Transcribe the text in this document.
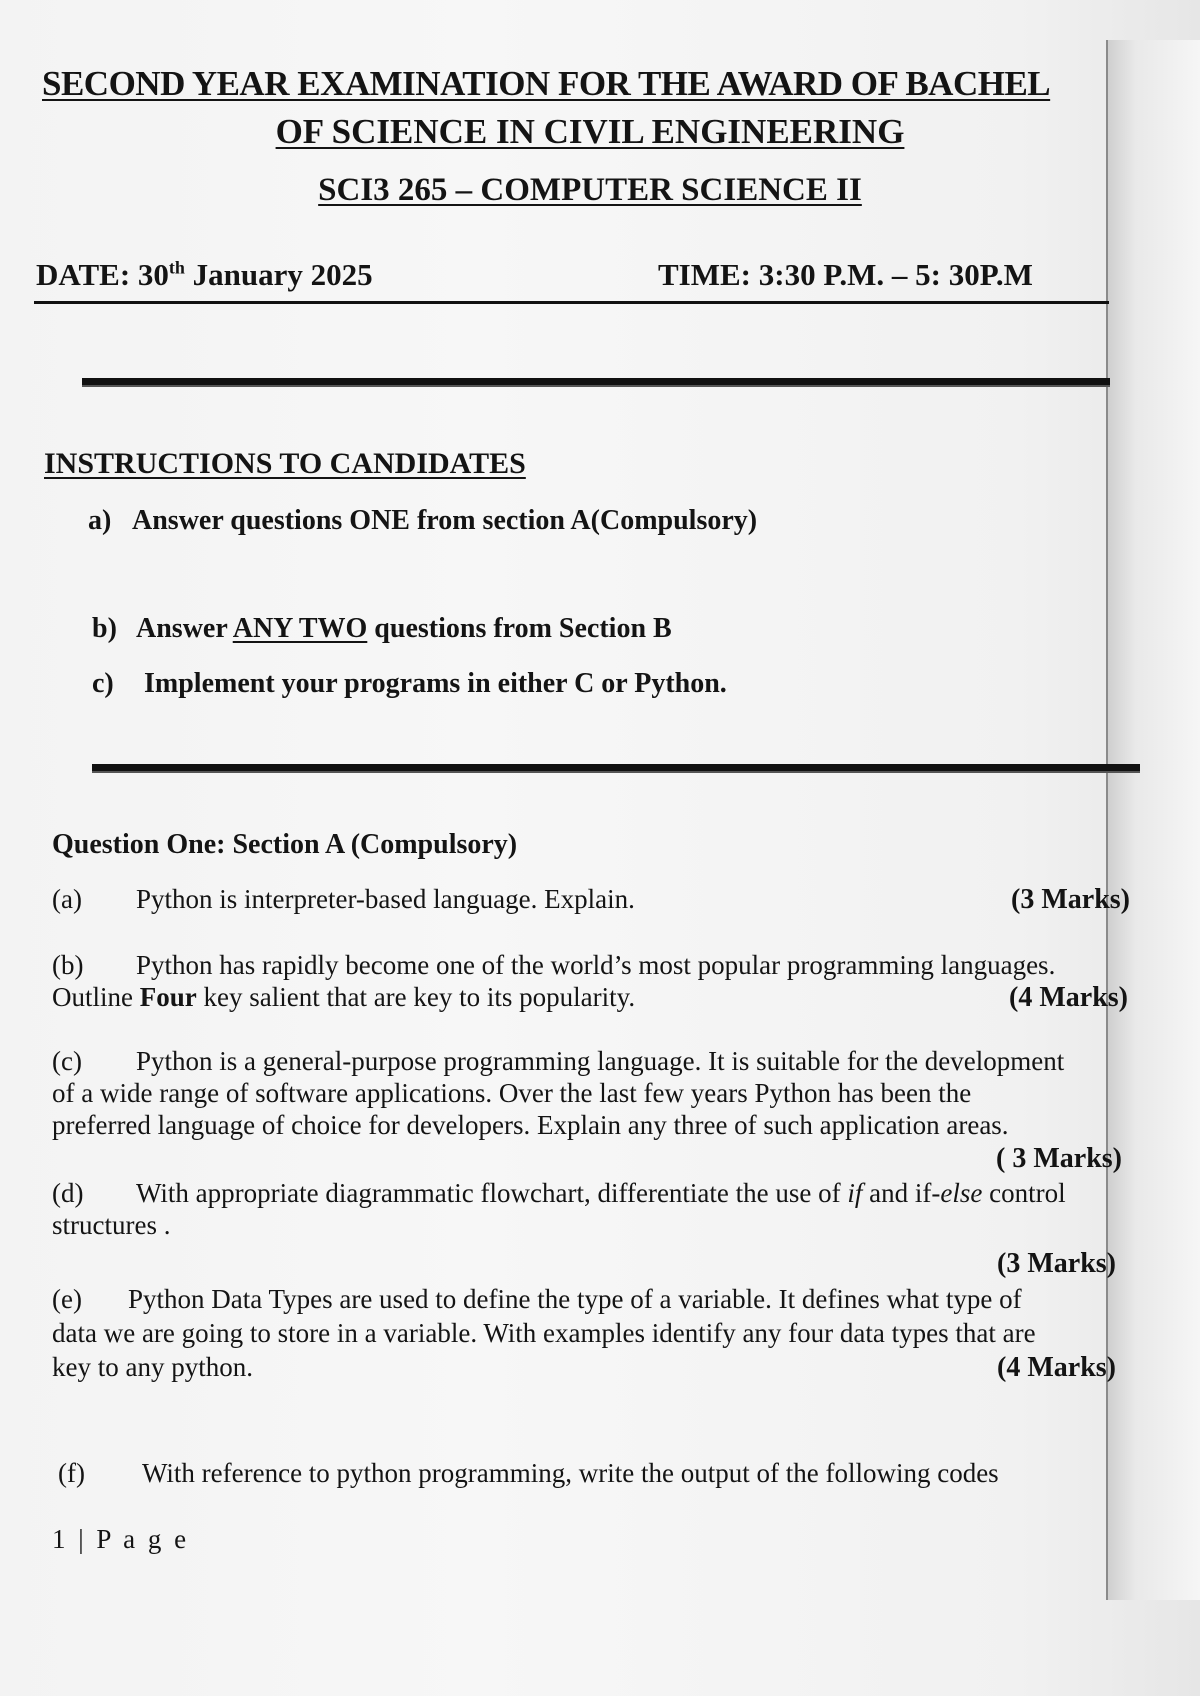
SECOND YEAR EXAMINATION FOR THE AWARD OF BACHEL
OF SCIENCE IN CIVIL ENGINEERING
SCI3 265 – COMPUTER SCIENCE II
DATE: 30th January 2025	TIME: 3:30 P.M. – 5: 30P.M
INSTRUCTIONS TO CANDIDATES
a) Answer questions ONE from section A(Compulsory)
b) Answer ANY TWO questions from Section B
c) Implement your programs in either C or Python.
Question One: Section A (Compulsory)
(a) Python is interpreter-based language. Explain.	(3 Marks)
(b) Python has rapidly become one of the world’s most popular programming languages.
Outline Four key salient that are key to its popularity.	(4 Marks)
(c) Python is a general-purpose programming language. It is suitable for the development
of a wide range of software applications. Over the last few years Python has been the
preferred language of choice for developers. Explain any three of such application areas.
( 3 Marks)
(d) With appropriate diagrammatic flowchart, differentiate the use of if and if-else control
structures .
(3 Marks)
(e) Python Data Types are used to define the type of a variable. It defines what type of
data we are going to store in a variable. With examples identify any four data types that are
key to any python.	(4 Marks)
(f) With reference to python programming, write the output of the following codes
1 | P a g e
